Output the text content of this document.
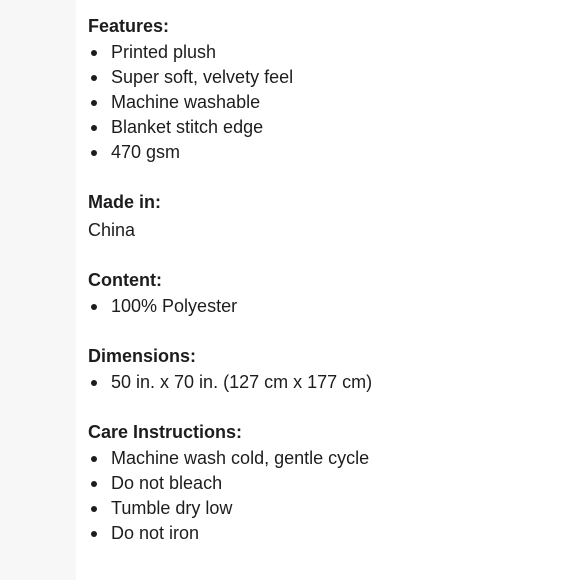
Features:
Printed plush
Super soft, velvety feel
Machine washable
Blanket stitch edge
470 gsm
Made in:
China
Content:
100% Polyester
Dimensions:
50 in. x 70 in. (127 cm x 177 cm)
Care Instructions:
Machine wash cold, gentle cycle
Do not bleach
Tumble dry low
Do not iron
